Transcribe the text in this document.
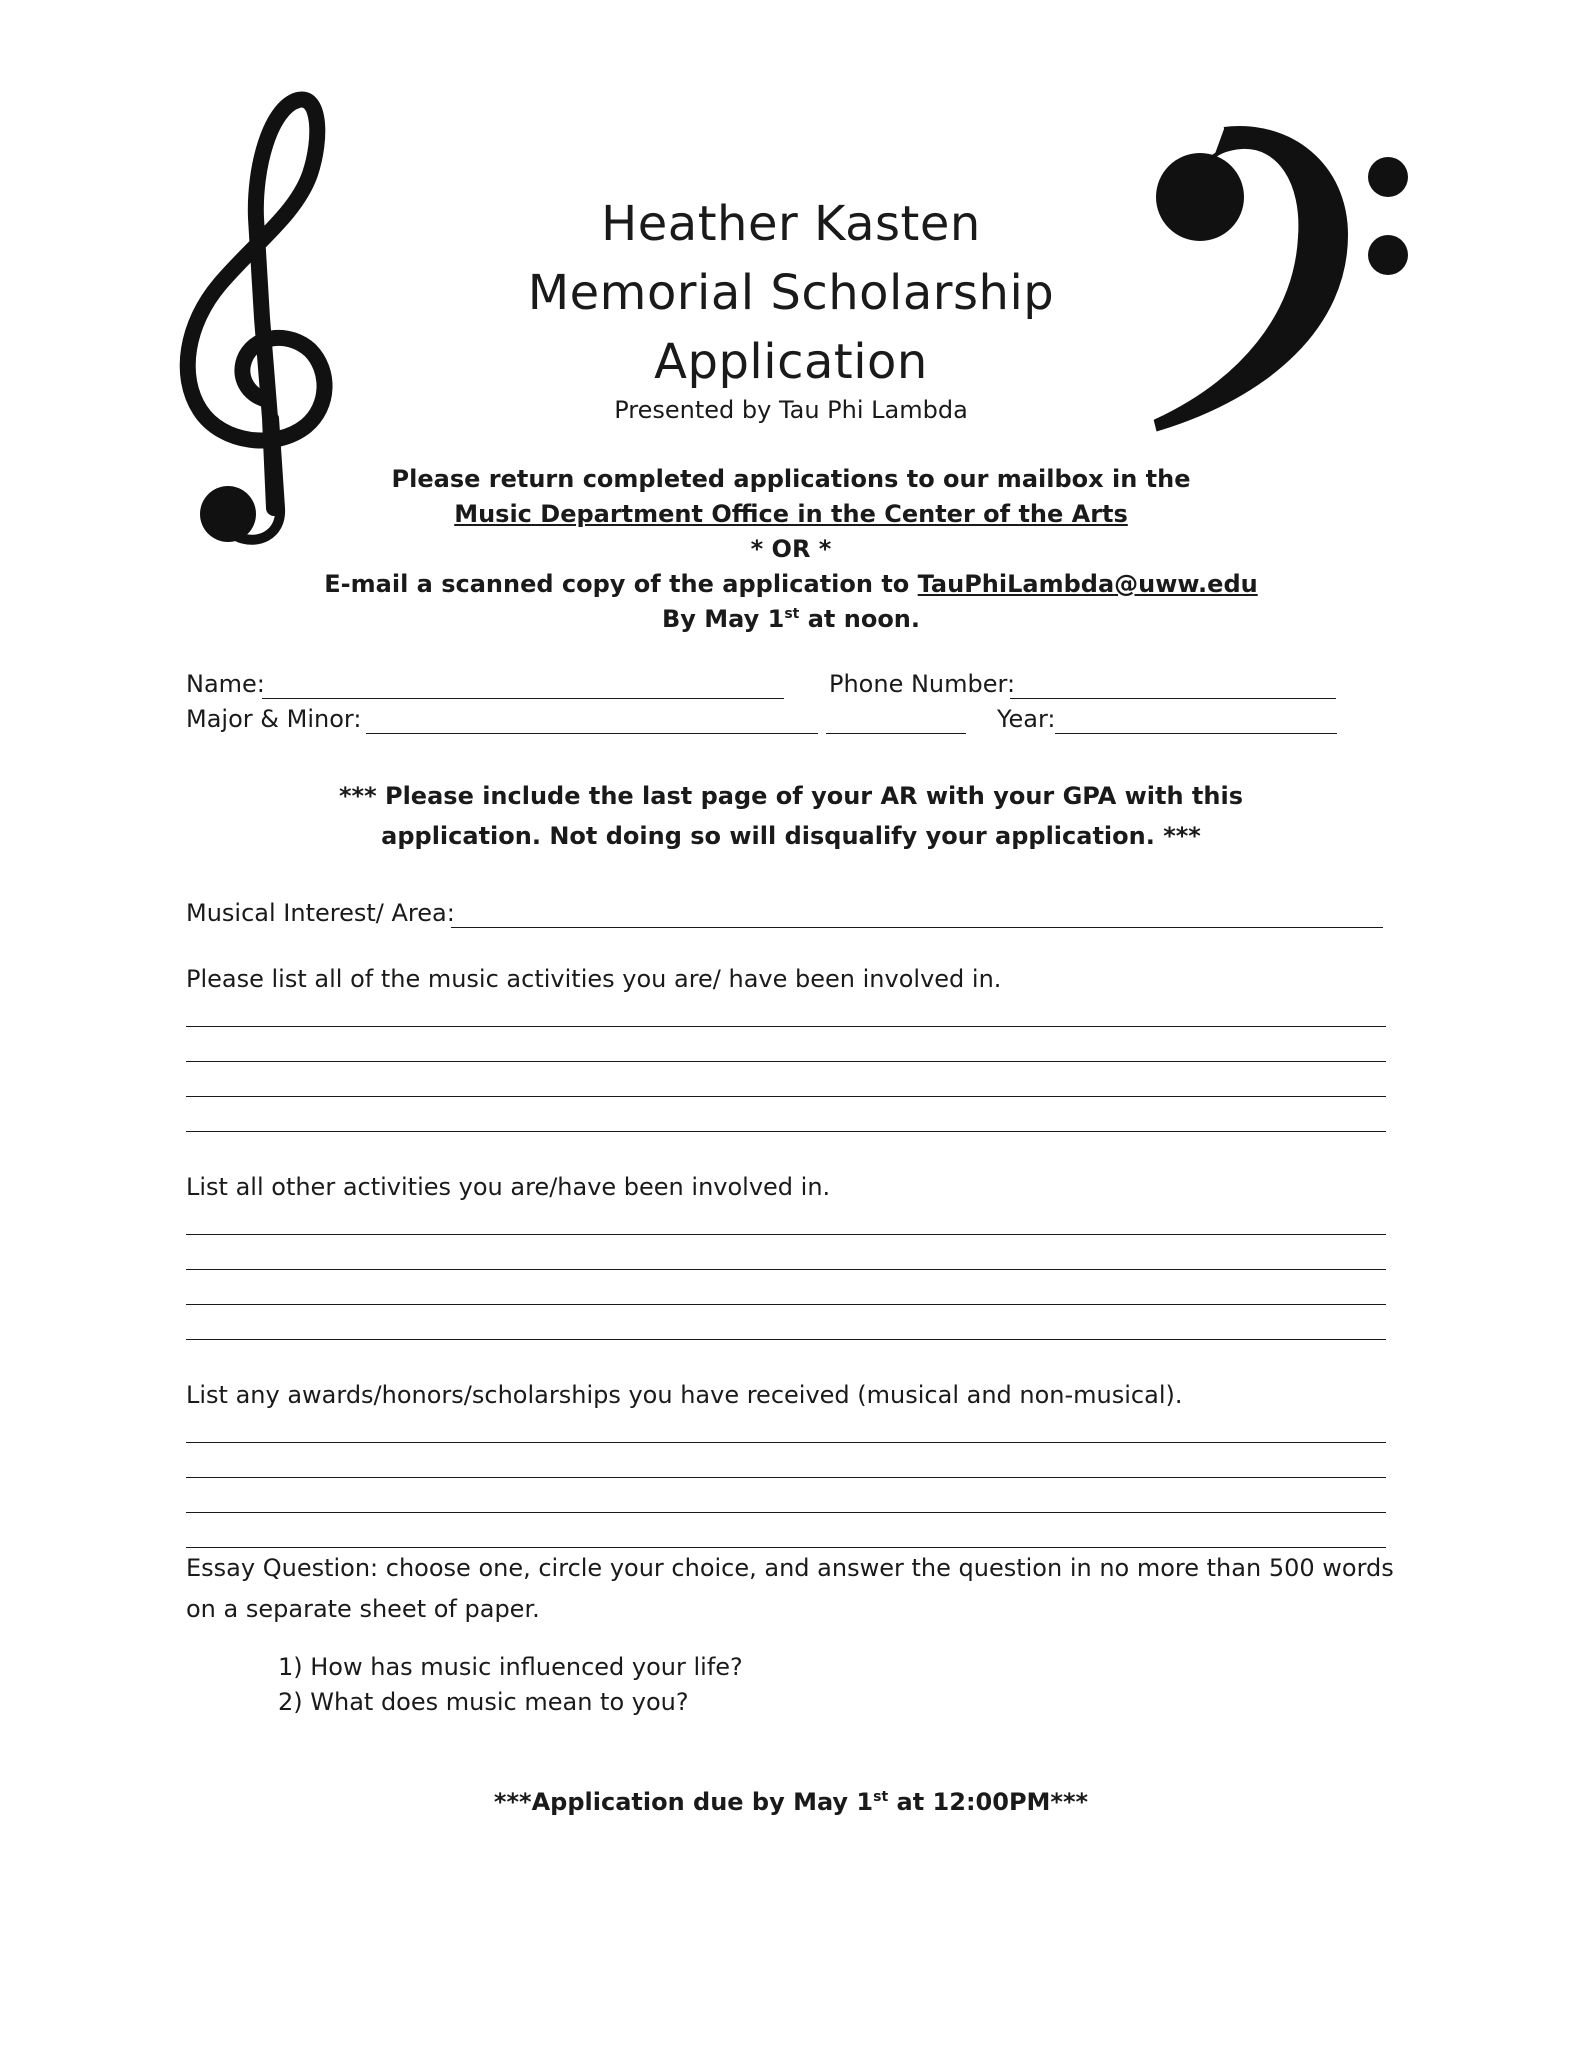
Heather Kasten
Memorial Scholarship
Application
Presented by Tau Phi Lambda
Please return completed applications to our mailbox in the
Music Department Office in the Center of the Arts
* OR *
E-mail a scanned copy of the application to TauPhiLambda@uww.edu
By May 1st at noon.
Name:	Phone Number:
Major & Minor:	Year:
*** Please include the last page of your AR with your GPA with this
application. Not doing so will disqualify your application. ***
Musical Interest/ Area:
Please list all of the music activities you are/ have been involved in.
List all other activities you are/have been involved in.
List any awards/honors/scholarships you have received (musical and non-musical).
Essay Question: choose one, circle your choice, and answer the question in no more than 500 words on a separate sheet of paper.
1) How has music influenced your life?
2) What does music mean to you?
***Application due by May 1st at 12:00PM***
